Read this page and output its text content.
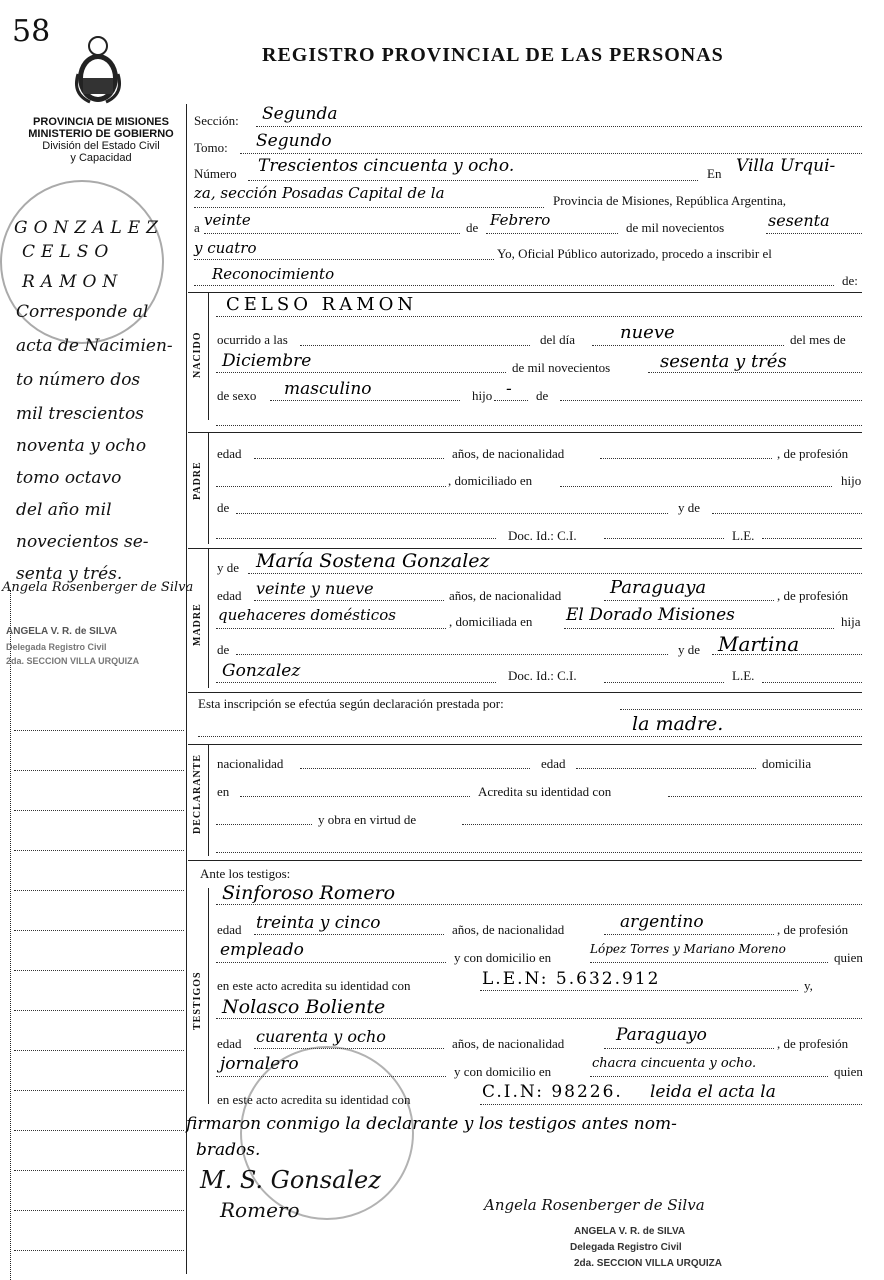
58
REGISTRO PROVINCIAL DE LAS PERSONAS
PROVINCIA DE MISIONES
MINISTERIO DE GOBIERNO
División del Estado Civil
y Capacidad
GONZALEZ
CELSO
RAMON
Corresponde al
acta de Nacimien-
to número dos
mil trescientos
noventa y ocho
tomo octavo
del año mil
novecientos se-
senta y trés.
Angela Rosenberger de Silva
ANGELA V. R. de SILVA
Delegada Registro Civil
2da. SECCION VILLA URQUIZA
Sección: Segunda
Tomo: Segundo
Número Trescientos cincuenta y ocho.	En Villa Urqui-
za, sección Posadas Capital de la	Provincia de Misiones, República Argentina,
a veinte	de Febrero	de mil novecientos	sesenta
y cuatro	Yo, Oficial Público autorizado, procedo a inscribir el
Reconocimiento	de:
NACIDO
CELSO RAMON
ocurrido a las	del día nueve	del mes de
Diciembre	de mil novecientos	sesenta y trés
de sexo masculino	hijo - de
PADRE
edad	años, de nacionalidad	, de profesión
, domiciliado en	hijo
de	y de
Doc. Id.: C.I.	L.E.
MADRE
y de María Sostena Gonzalez
edad veinte y nueve	años, de nacionalidad	Paraguaya	, de profesión
quehaceres domésticos	, domiciliada en El Dorado Misiones	hija
de	y de Martina
Gonzalez	Doc. Id.: C.I.	L.E.
Esta inscripción se efectúa según declaración prestada por:
la madre.
DECLARANTE nacionalidad	edad	domicilia
en	Acredita su identidad con
y obra en virtud de
Ante los testigos:
TESTIGOS
Sinforoso Romero
edad treinta y cinco	años, de nacionalidad	argentino	, de profesión
empleado	y con domicilio en
López Torres y Mariano Moreno
quien
en este acto acredita su identidad con	L.E.N: 5.632.912	y,
Nolasco Boliente
edad cuarenta y ocho	años, de nacionalidad	Paraguayo	, de profesión
jornalero	y con domicilio en
chacra cincuenta y ocho.
quien
en este acto acredita su identidad con	C.I.N: 98226. leida el acta la
firmaron conmigo la declarante y los testigos antes nom-
brados.
M. S. Gonsalez
Romero	Angela Rosenberger de Silva
ANGELA V. R. de SILVA
Delegada Registro Civil
2da. SECCION VILLA URQUIZA
